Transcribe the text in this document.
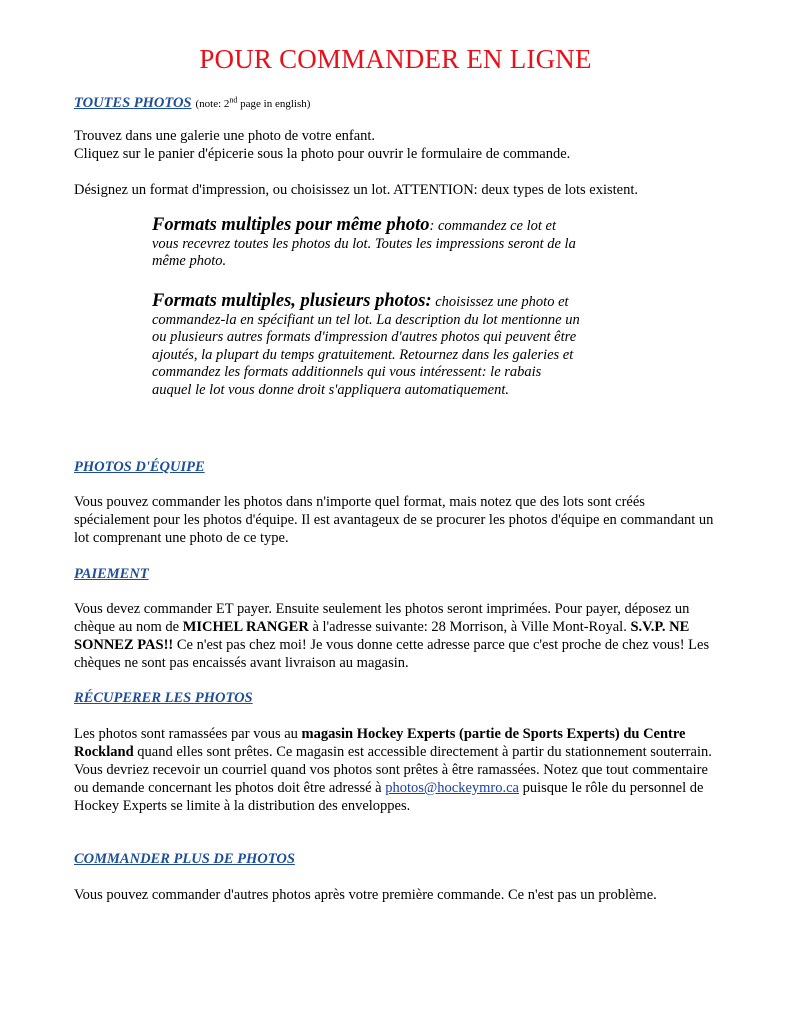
POUR COMMANDER EN LIGNE
TOUTES PHOTOS (note: 2nd page in english)
Trouvez dans une galerie une photo de votre enfant.
Cliquez sur le panier d'épicerie sous la photo pour ouvrir le formulaire de commande.
Désignez un format d'impression, ou choisissez un lot. ATTENTION: deux types de lots existent.
Formats multiples pour même photo: commandez ce lot et vous recevrez toutes les photos du lot. Toutes les impressions seront de la même photo.
Formats multiples, plusieurs photos: choisissez une photo et commandez-la en spécifiant un tel lot. La description du lot mentionne un ou plusieurs autres formats d'impression d'autres photos qui peuvent être ajoutés, la plupart du temps gratuitement. Retournez dans les galeries et commandez les formats additionnels qui vous intéressent: le rabais auquel le lot vous donne droit s'appliquera automatiquement.
PHOTOS D'ÉQUIPE
Vous pouvez commander les photos dans n'importe quel format, mais notez que des lots sont créés spécialement pour les photos d'équipe. Il est avantageux de se procurer les photos d'équipe en commandant un lot comprenant une photo de ce type.
PAIEMENT
Vous devez commander ET payer. Ensuite seulement les photos seront imprimées. Pour payer, déposez un chèque au nom de MICHEL RANGER à l'adresse suivante: 28 Morrison, à Ville Mont-Royal. S.V.P. NE SONNEZ PAS!! Ce n'est pas chez moi! Je vous donne cette adresse parce que c'est proche de chez vous! Les chèques ne sont pas encaissés avant livraison au magasin.
RÉCUPERER LES PHOTOS
Les photos sont ramassées par vous au magasin Hockey Experts (partie de Sports Experts) du Centre Rockland quand elles sont prêtes. Ce magasin est accessible directement à partir du stationnement souterrain. Vous devriez recevoir un courriel quand vos photos sont prêtes à être ramassées. Notez que tout commentaire ou demande concernant les photos doit être adressé à photos@hockeymro.ca puisque le rôle du personnel de Hockey Experts se limite à la distribution des enveloppes.
COMMANDER PLUS DE PHOTOS
Vous pouvez commander d'autres photos après votre première commande. Ce n'est pas un problème.
